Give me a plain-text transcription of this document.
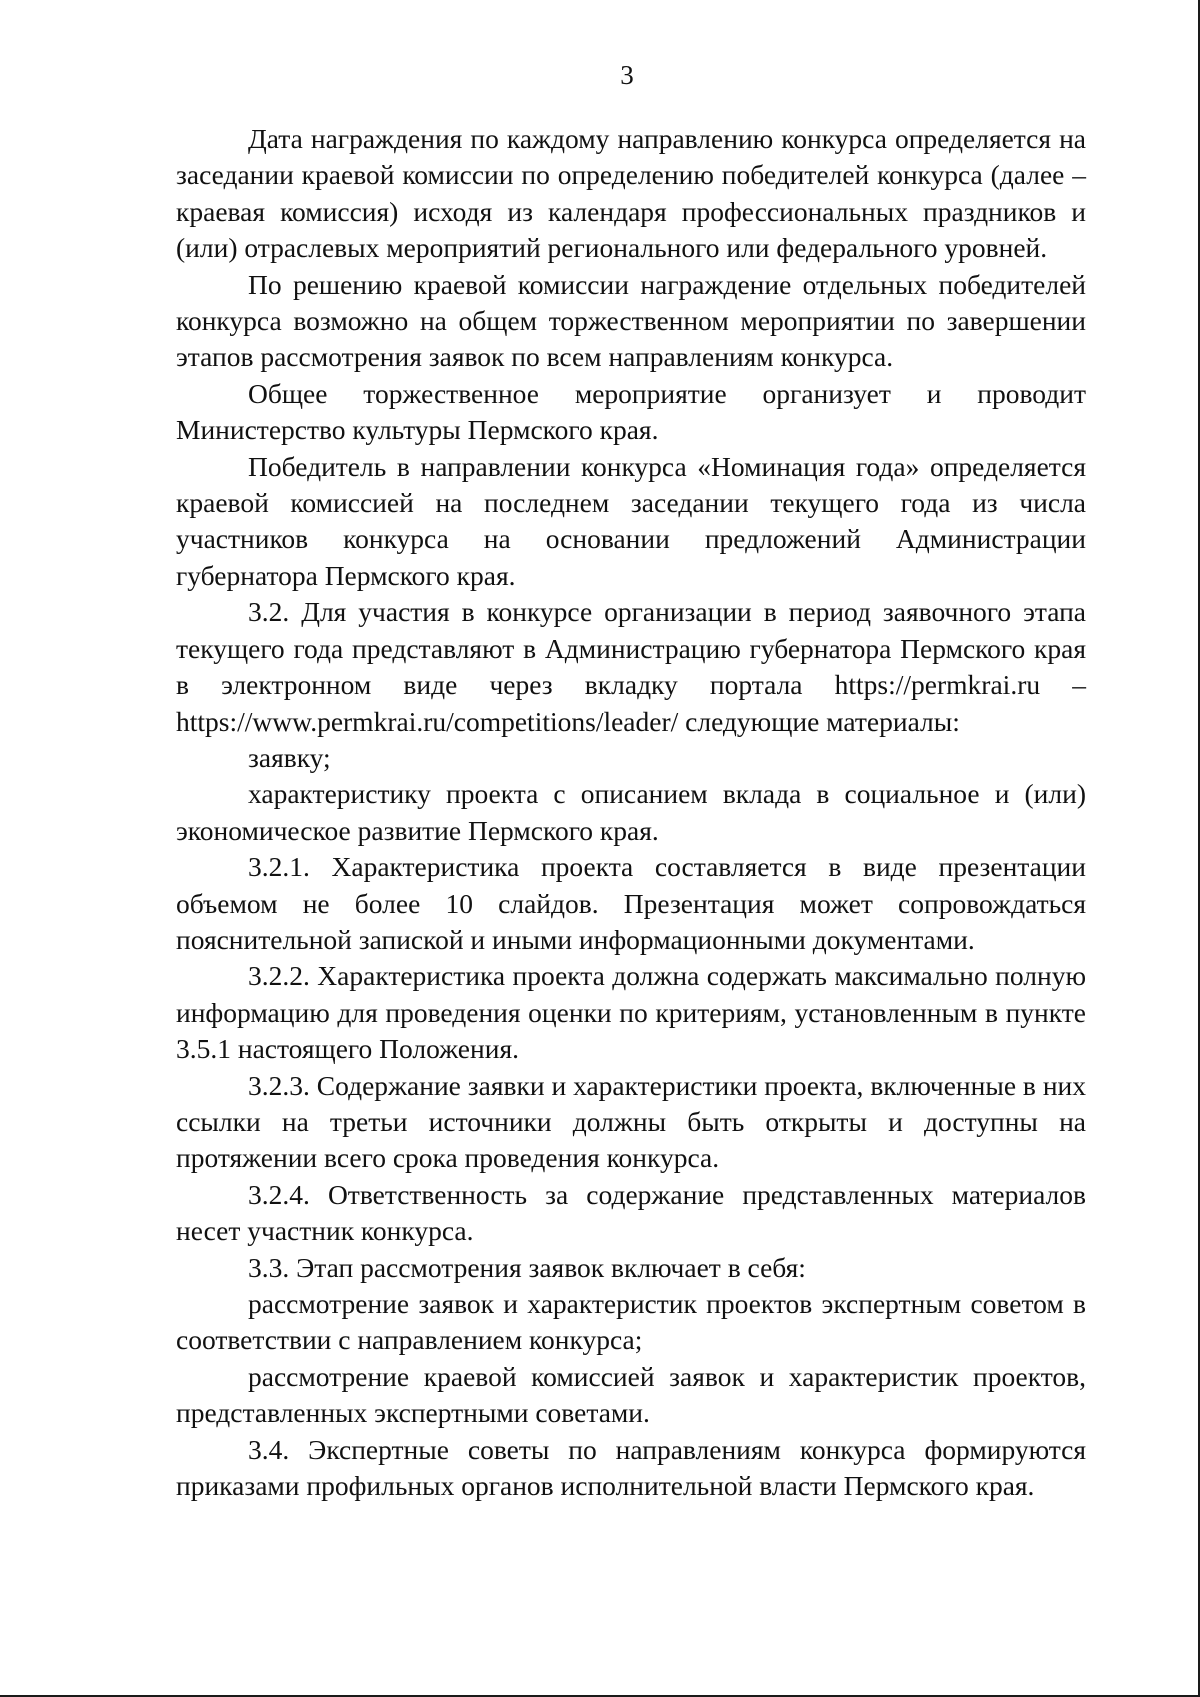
3

Дата награждения по каждому направлению конкурса определяется на заседании краевой комиссии по определению победителей конкурса (далее – краевая комиссия) исходя из календаря профессиональных праздников и (или) отраслевых мероприятий регионального или федерального уровней.

По решению краевой комиссии награждение отдельных победителей конкурса возможно на общем торжественном мероприятии по завершении этапов рассмотрения заявок по всем направлениям конкурса.

Общее торжественное мероприятие организует и проводит Министерство культуры Пермского края.

Победитель в направлении конкурса «Номинация года» определяется краевой комиссией на последнем заседании текущего года из числа участников конкурса на основании предложений Администрации губернатора Пермского края.

3.2. Для участия в конкурсе организации в период заявочного этапа текущего года представляют в Администрацию губернатора Пермского края в электронном виде через вкладку портала https://permkrai.ru – https://www.permkrai.ru/competitions/leader/ следующие материалы:

заявку;

характеристику проекта с описанием вклада в социальное и (или) экономическое развитие Пермского края.

3.2.1. Характеристика проекта составляется в виде презентации объемом не более 10 слайдов. Презентация может сопровождаться пояснительной запиской и иными информационными документами.

3.2.2. Характеристика проекта должна содержать максимально полную информацию для проведения оценки по критериям, установленным в пункте 3.5.1 настоящего Положения.

3.2.3. Содержание заявки и характеристики проекта, включенные в них ссылки на третьи источники должны быть открыты и доступны на протяжении всего срока проведения конкурса.

3.2.4. Ответственность за содержание представленных материалов несет участник конкурса.

3.3. Этап рассмотрения заявок включает в себя:

рассмотрение заявок и характеристик проектов экспертным советом в соответствии с направлением конкурса;

рассмотрение краевой комиссией заявок и характеристик проектов, представленных экспертными советами.

3.4. Экспертные советы по направлениям конкурса формируются приказами профильных органов исполнительной власти Пермского края.
